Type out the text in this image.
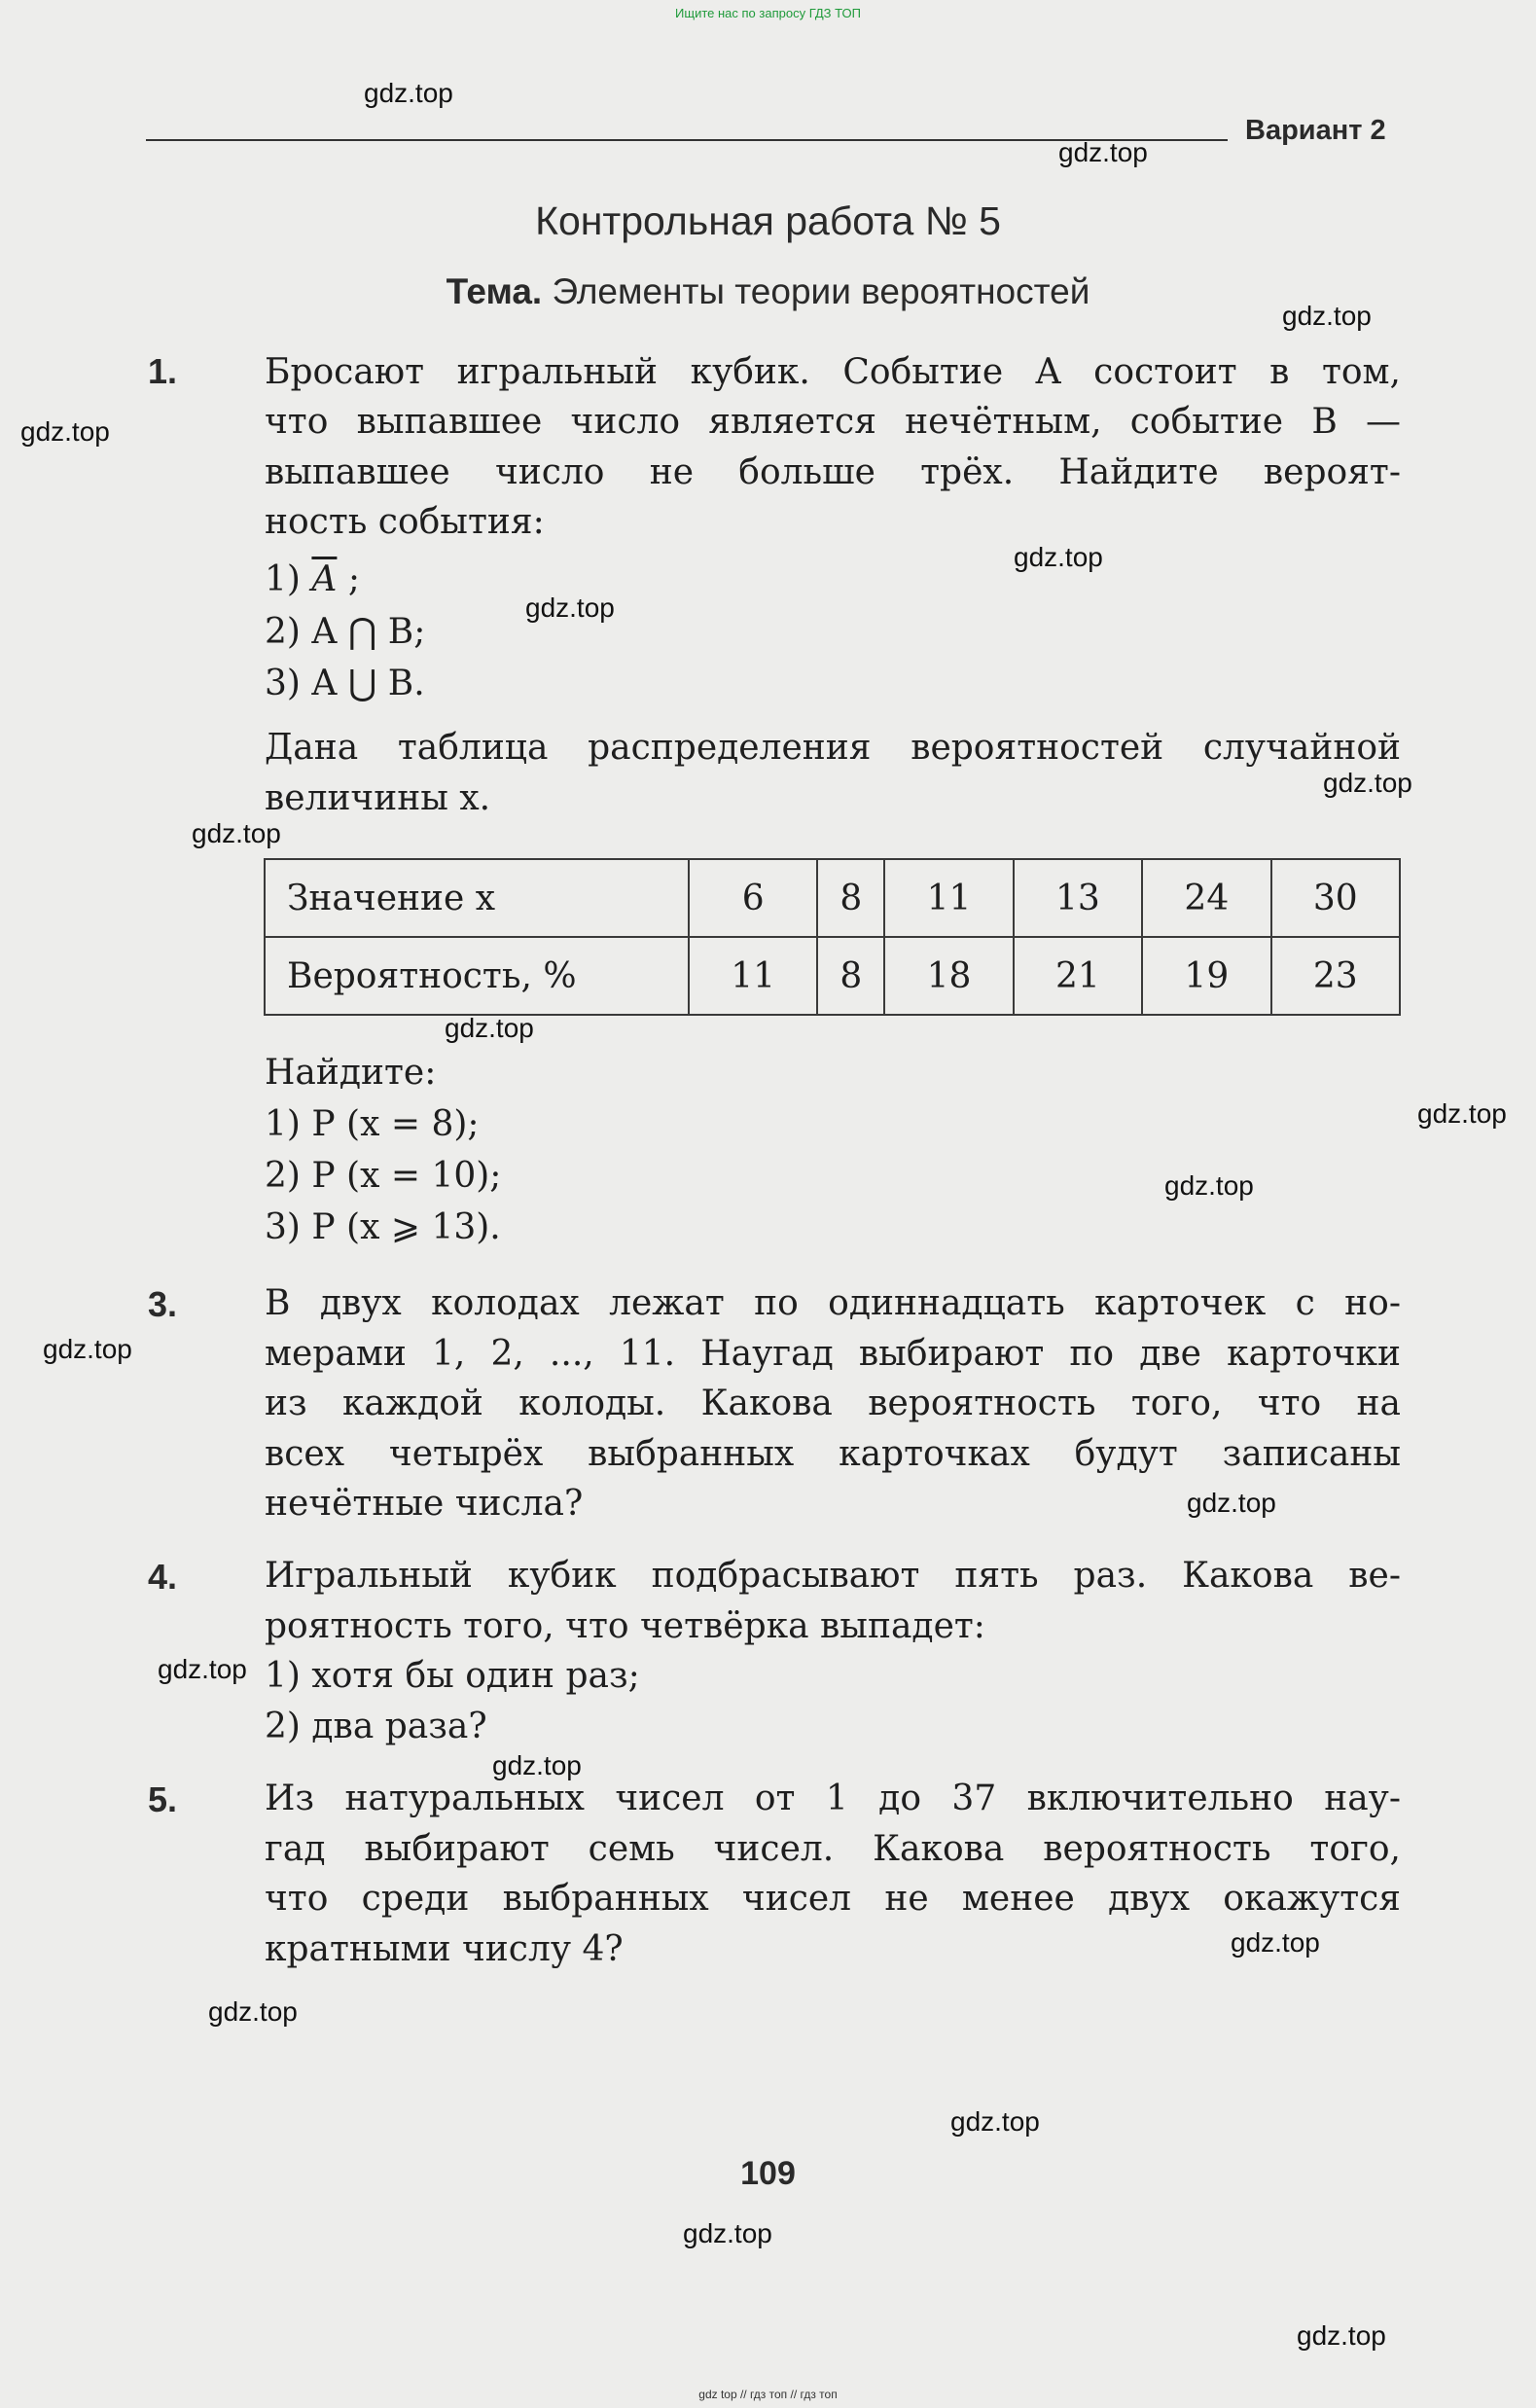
Ищите нас по запросу ГДЗ ТОП
Вариант 2
Контрольная работа № 5
Тема. Элементы теории вероятностей
1. Бросают игральный кубик. Событие A состоит в том,
что выпавшее число является нечётным, событие B —
выпавшее число не больше трёх. Найдите вероят-
ность события:
1) $\overline{A}$ ;
2) A ⋂ B;
3) A ⋃ B.
Дана таблица распределения вероятностей случайной
величины x.
Значение x	6	8	11	13	24	30
Вероятность, %	11	8	18	21	19	23
Найдите:
1) P (x = 8);
2) P (x = 10);
3) P (x ⩾ 13).
3. В двух колодах лежат по одиннадцать карточек с но-
мерами 1, 2, ..., 11. Наугад выбирают по две карточки
из каждой колоды. Какова вероятность того, что на
всех четырёх выбранных карточках будут записаны
нечётные числа?
4. Игральный кубик подбрасывают пять раз. Какова ве-
роятность того, что четвёрка выпадет:
1) хотя бы один раз;
2) два раза?
5. Из натуральных чисел от 1 до 37 включительно нау-
гад выбирают семь чисел. Какова вероятность того,
что среди выбранных чисел не менее двух окажутся
кратными числу 4?
109
gdz.top
gdz.top
gdz.top
gdz.top
gdz.top
gdz.top
gdz.top
gdz.top
gdz.top
gdz.top
gdz.top
gdz.top
gdz.top
gdz.top
gdz.top
gdz.top
gdz.top
gdz.top
gdz.top
gdz.top
gdz top // гдз топ // гдз топ
